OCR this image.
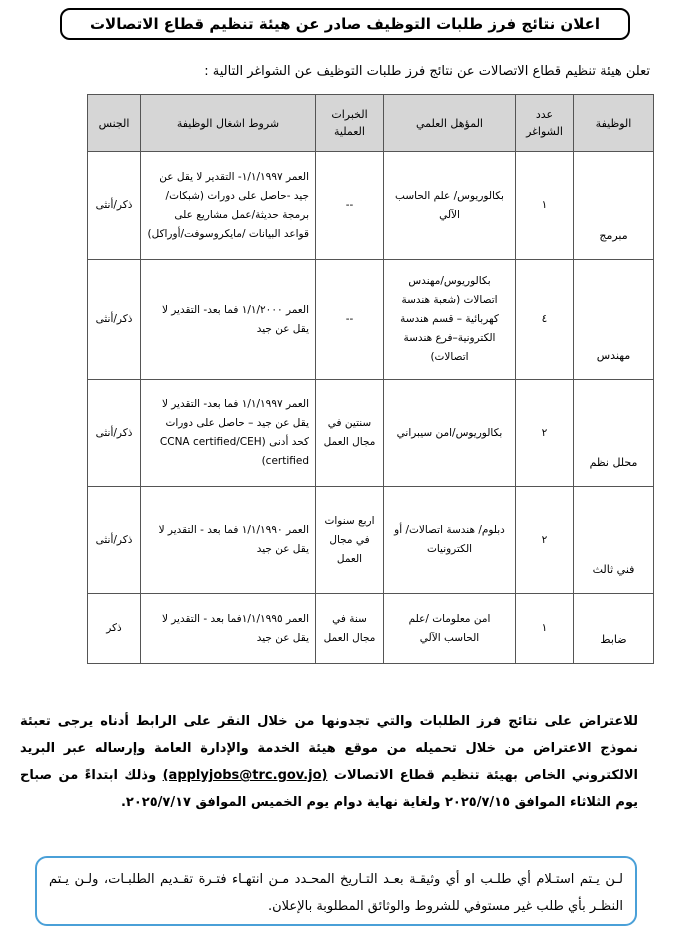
اعلان نتائج فرز طلبات التوظيف صادر عن هيئة تنظيم قطاع الاتصالات
تعلن هيئة تنظيم قطاع الاتصالات عن نتائج فرز طلبات التوظيف عن الشواغر التالية :
الوظيفة	عدد الشواغر	المؤهل العلمي	الخبرات العملية	شروط اشغال الوظيفة	الجنس
مبرمج	١	بكالوريوس/ علم الحاسب الآلي	--	العمر ١/١/١٩٩٧- التقدير لا يقل عن جيد -حاصل على دورات (شبكات/برمجة حديثة/عمل مشاريع على قواعد البيانات /مايكروسوفت/أوراكل)	ذكر/أنثى
مهندس	٤	بكالوريوس/مهندس اتصالات (شعبة هندسة كهربائية – قسم هندسة الكترونية–فرع هندسة اتصالات)	--	العمر ١/١/٢٠٠٠ فما بعد- التقدير لا يقل عن جيد	ذكر/أنثى
محلل نظم	٢	بكالوريوس/امن سيبراني	سنتين في مجال العمل	العمر ١/١/١٩٩٧ فما بعد- التقدير لا يقل عن جيد – حاصل على دورات كحد أدنى CCNA certified/CEH) (certified	ذكر/أنثى
فني ثالث	٢	دبلوم/ هندسة اتصالات/ أو الكترونيات	اربع سنوات في مجال العمل	العمر ١/١/١٩٩٠ فما بعد - التقدير لا يقل عن جيد	ذكر/أنثى
ضابط	١	امن معلومات /علم الحاسب الآلي	سنة في مجال العمل	العمر ١/١/١٩٩٥فما بعد - التقدير لا يقل عن جيد	ذكر
للاعتراض على نتائج فرز الطلبات والتي تجدونها من خلال النقر على الرابط أدناه يرجى تعبئة نموذج الاعتراض من خلال تحميله من موقع هيئة الخدمة والإدارة العامة وإرساله عبر البريد الالكتروني الخاص بهيئة تنظيم قطاع الاتصالات (applyjobs@trc.gov.jo) وذلك ابتداءً من صباح يوم الثلاثاء الموافق ٢٠٢٥/٧/١٥ ولغاية نهاية دوام يوم الخميس الموافق ٢٠٢٥/٧/١٧.
لـن يـتم استـلام أي طلـب او أي وثيقـة بعـد التـاريخ المحـدد مـن انتهـاء فتـرة تقـديم الطلبـات، ولـن يـتم النظـر بأي طلب غير مستوفي للشروط والوثائق المطلوبة بالإعلان.
